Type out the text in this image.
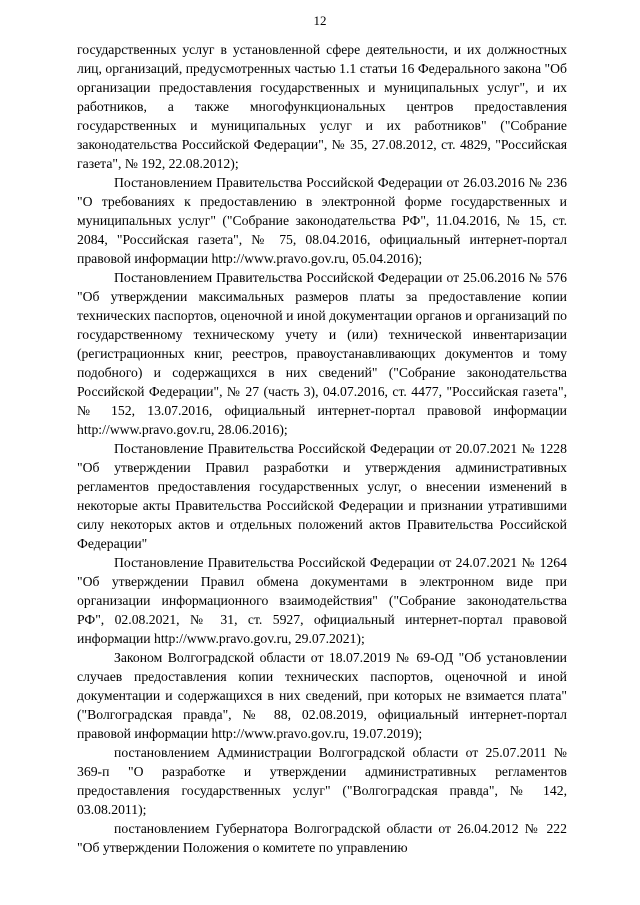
12

государственных услуг в установленной сфере деятельности, и их должностных лиц, организаций, предусмотренных частью 1.1 статьи 16 Федерального закона "Об организации предоставления государственных и муниципальных услуг", и их работников, а также многофункциональных центров предоставления государственных и муниципальных услуг и их работников" ("Собрание законодательства Российской Федерации", № 35, 27.08.2012, ст. 4829, "Российская газета", № 192, 22.08.2012);

Постановлением Правительства Российской Федерации от 26.03.2016 № 236 "О требованиях к предоставлению в электронной форме государственных и муниципальных услуг" ("Собрание законодательства РФ", 11.04.2016, № 15, ст. 2084, "Российская газета", № 75, 08.04.2016, официальный интернет-портал правовой информации http://www.pravo.gov.ru, 05.04.2016);

Постановлением Правительства Российской Федерации от 25.06.2016 № 576 "Об утверждении максимальных размеров платы за предоставление копии технических паспортов, оценочной и иной документации органов и организаций по государственному техническому учету и (или) технической инвентаризации (регистрационных книг, реестров, правоустанавливающих документов и тому подобного) и содержащихся в них сведений" ("Собрание законодательства Российской Федерации", № 27 (часть 3), 04.07.2016, ст. 4477, "Российская газета", № 152, 13.07.2016, официальный интернет-портал правовой информации http://www.pravo.gov.ru, 28.06.2016);

Постановление Правительства Российской Федерации от 20.07.2021 № 1228 "Об утверждении Правил разработки и утверждения административных регламентов предоставления государственных услуг, о внесении изменений в некоторые акты Правительства Российской Федерации и признании утратившими силу некоторых актов и отдельных положений актов Правительства Российской Федерации"

Постановление Правительства Российской Федерации от 24.07.2021 № 1264 "Об утверждении Правил обмена документами в электронном виде при организации информационного взаимодействия" ("Собрание законодательства РФ", 02.08.2021, № 31, ст. 5927, официальный интернет-портал правовой информации http://www.pravo.gov.ru, 29.07.2021);

Законом Волгоградской области от 18.07.2019 № 69-ОД "Об установлении случаев предоставления копии технических паспортов, оценочной и иной документации и содержащихся в них сведений, при которых не взимается плата" ("Волгоградская правда", № 88, 02.08.2019, официальный интернет-портал правовой информации http://www.pravo.gov.ru, 19.07.2019);

постановлением Администрации Волгоградской области от 25.07.2011 № 369-п "О разработке и утверждении административных регламентов предоставления государственных услуг" ("Волгоградская правда", № 142, 03.08.2011);

постановлением Губернатора Волгоградской области от 26.04.2012 № 222 "Об утверждении Положения о комитете по управлению
